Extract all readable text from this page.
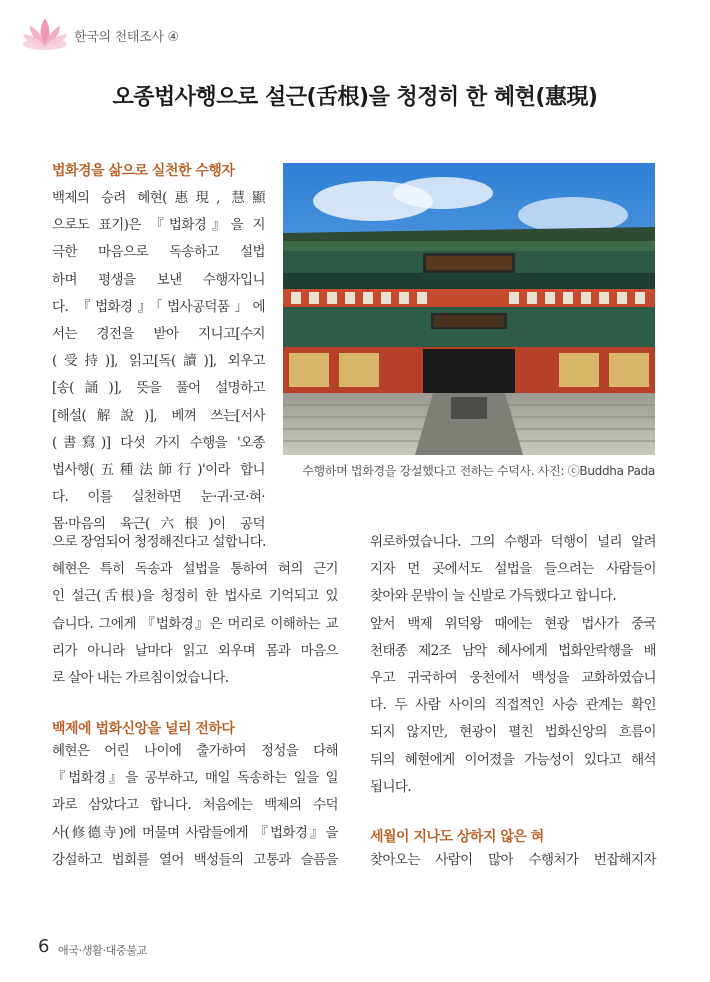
한국의 천태조사 ④
오종법사행으로 설근(舌根)을 청정히 한 혜현(惠現)
수행하며 법화경을 강설했다고 전하는 수덕사. 사진: ⓒBuddha Pada
법화경을 삶으로 실천한 수행자
백제의 승려 혜현(惠現, 慧顯
으로도 표기)은 『법화경』을 지
극한 마음으로 독송하고 설법
하며 평생을 보낸 수행자입니
다. 『법화경』「법사공덕품」에
서는 경전을 받아 지니고[수지
(受持)], 읽고[독(讀)], 외우고
[송(誦)], 뜻을 풀어 설명하고
[해설(解說)], 베껴 쓰는[서사
(書寫)] 다섯 가지 수행을 '오종
법사행(五種法師行)'이라 합니
다. 이를 실천하면 눈·귀·코·혀·
몸·마음의 육근(六根)이 공덕
으로 장엄되어 청정해진다고 설합니다.
혜현은 특히 독송과 설법을 통하여 혀의 근기
인 설근(舌根)을 청정히 한 법사로 기억되고 있
습니다. 그에게 『법화경』은 머리로 이해하는 교
리가 아니라 날마다 읽고 외우며 몸과 마음으
로 살아 내는 가르침이었습니다.
백제에 법화신앙을 널리 전하다
혜현은 어린 나이에 출가하여 정성을 다해
『법화경』을 공부하고, 매일 독송하는 일을 일
과로 삼았다고 합니다. 처음에는 백제의 수덕
사(修德寺)에 머물며 사람들에게 『법화경』을
강설하고 법회를 열어 백성들의 고통과 슬픔을
위로하였습니다. 그의 수행과 덕행이 널리 알려
지자 먼 곳에서도 설법을 들으려는 사람들이
찾아와 문밖이 늘 신발로 가득했다고 합니다.
앞서 백제 위덕왕 때에는 현광 법사가 중국
천태종 제2조 남악 혜사에게 법화안락행을 배
우고 귀국하여 웅천에서 백성을 교화하였습니
다. 두 사람 사이의 직접적인 사승 관계는 확인
되지 않지만, 현광이 펼친 법화신앙의 흐름이
뒤의 혜현에게 이어졌을 가능성이 있다고 해석
됩니다.
세월이 지나도 상하지 않은 혀
찾아오는 사람이 많아 수행처가 번잡해지자
6 애국·생활·대중불교
